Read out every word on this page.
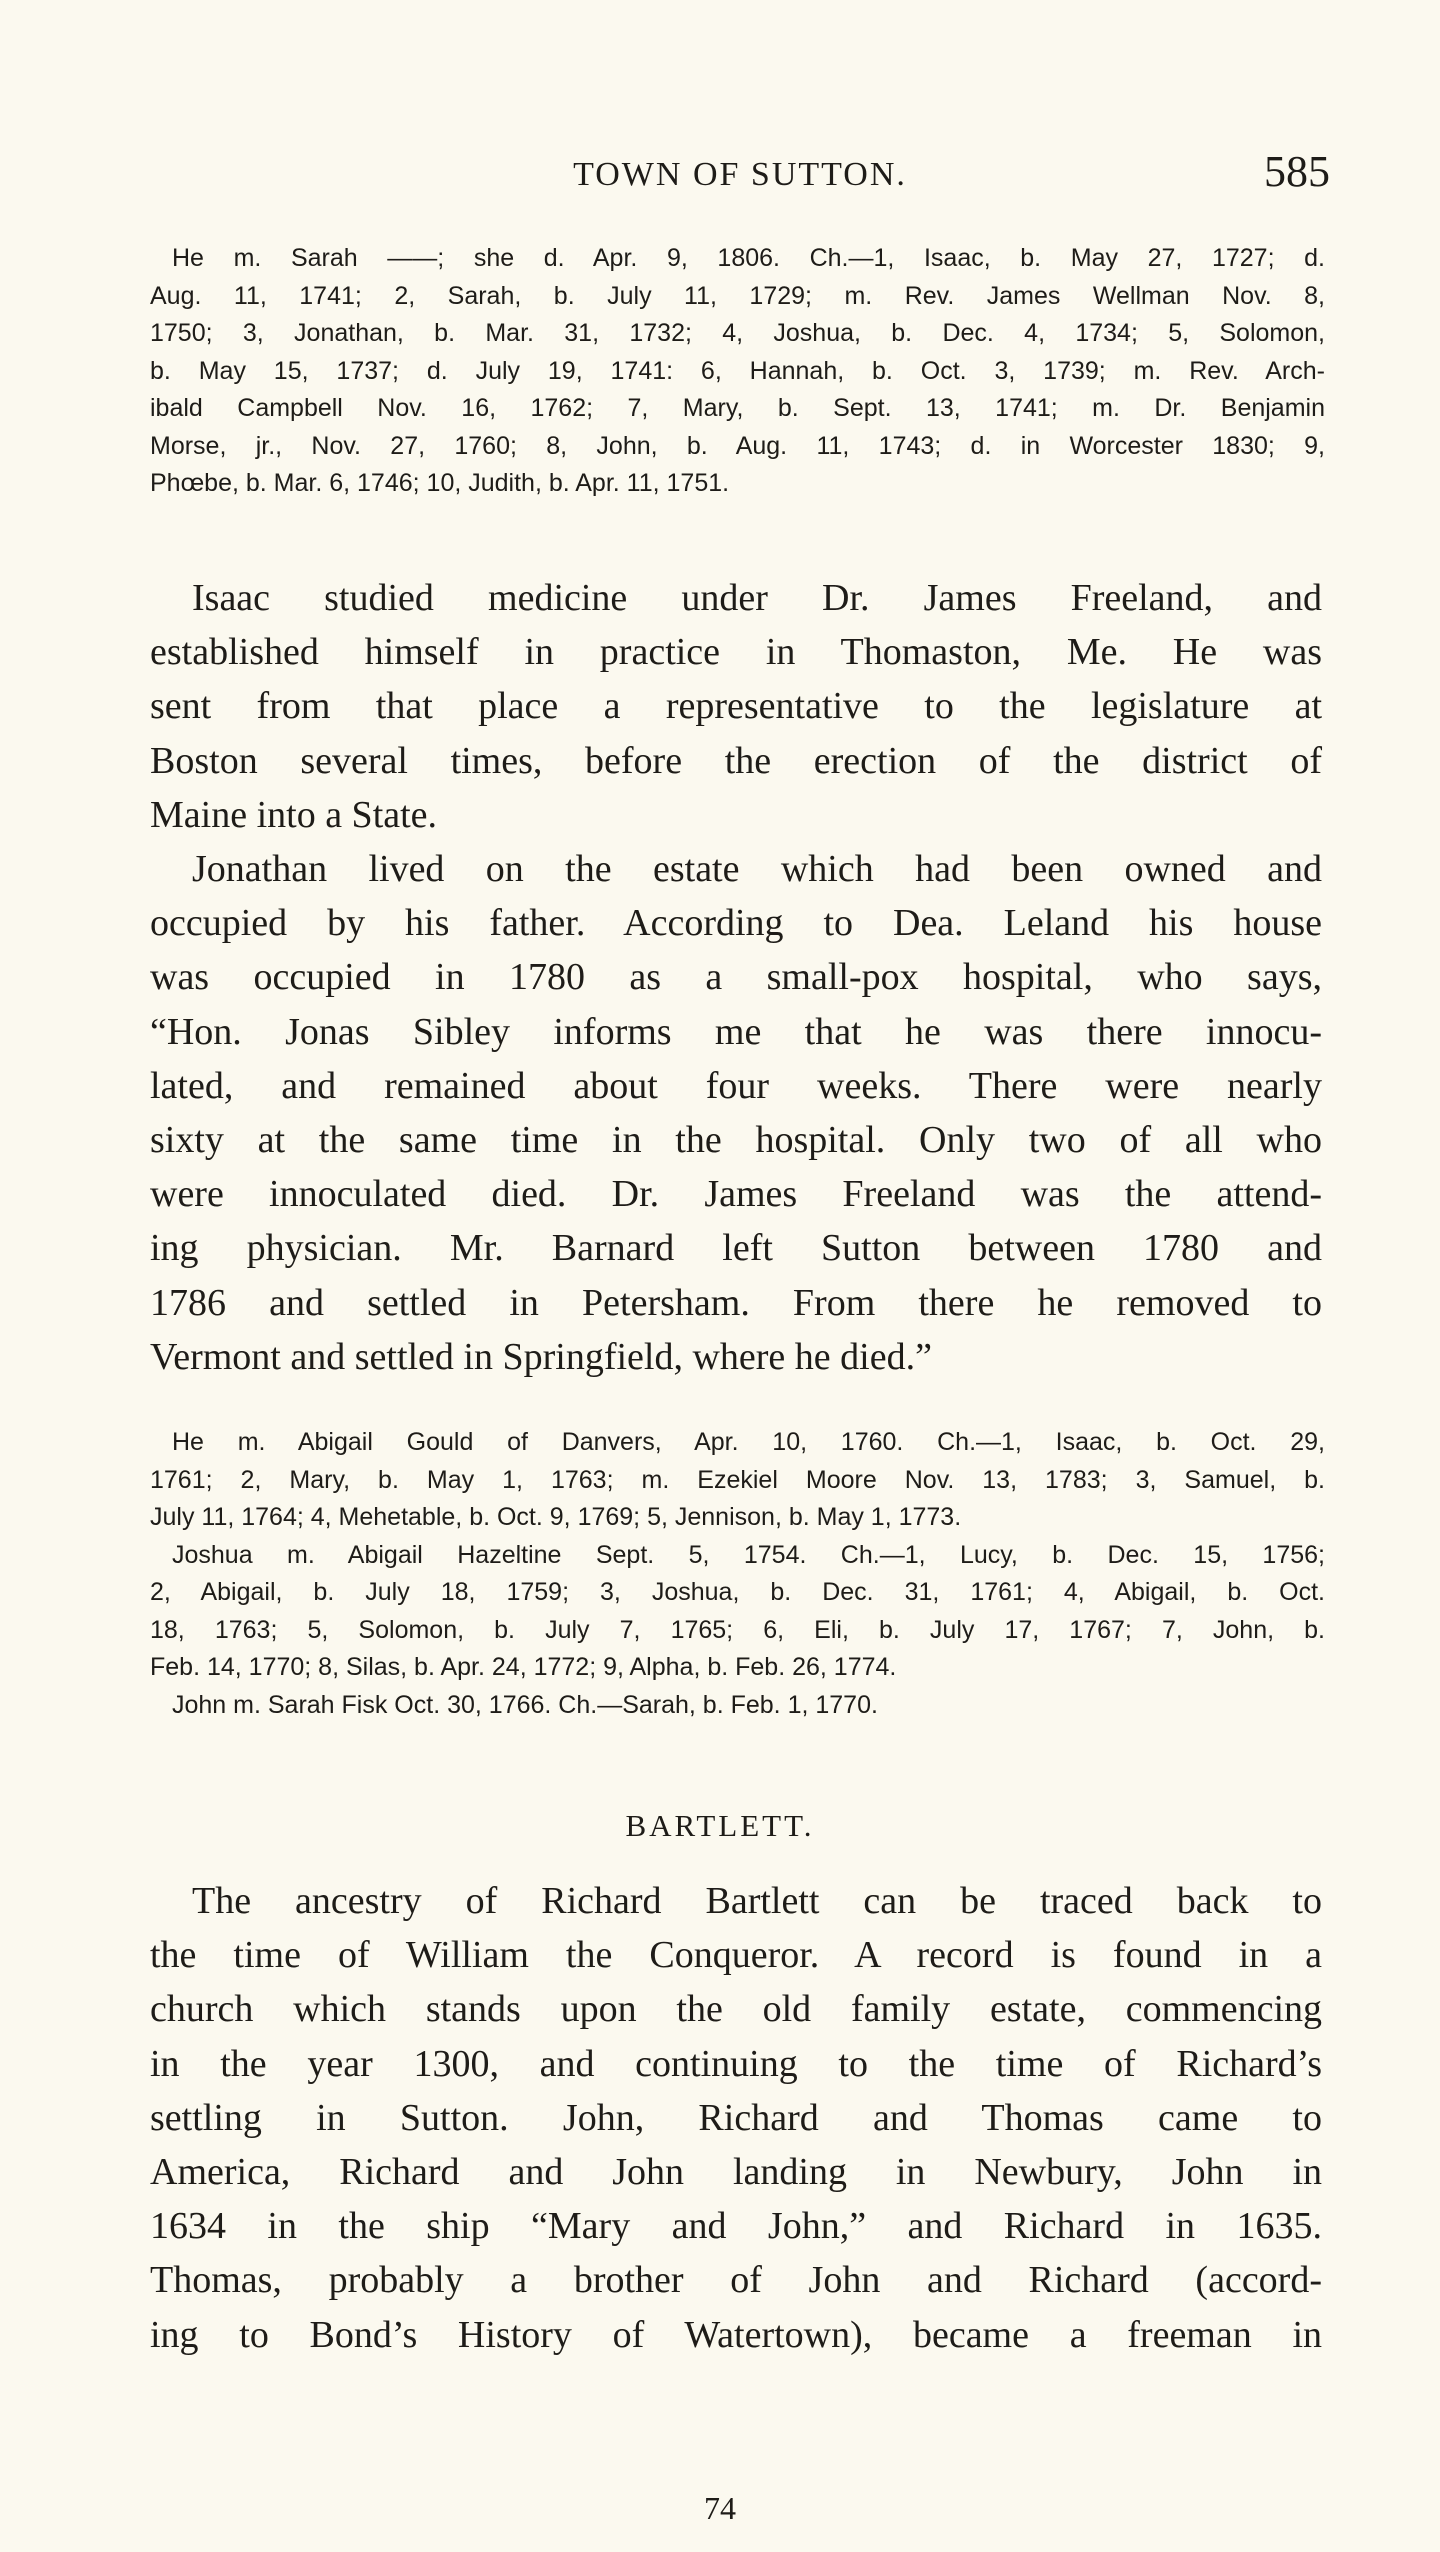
TOWN OF SUTTON.	585
He m. Sarah ——; she d. Apr. 9, 1806. Ch.—1, Isaac, b. May 27, 1727; d.
Aug. 11, 1741; 2, Sarah, b. July 11, 1729; m. Rev. James Wellman Nov. 8,
1750; 3, Jonathan, b. Mar. 31, 1732; 4, Joshua, b. Dec. 4, 1734; 5, Solomon,
b. May 15, 1737; d. July 19, 1741: 6, Hannah, b. Oct. 3, 1739; m. Rev. Arch-
ibald Campbell Nov. 16, 1762; 7, Mary, b. Sept. 13, 1741; m. Dr. Benjamin
Morse, jr., Nov. 27, 1760; 8, John, b. Aug. 11, 1743; d. in Worcester 1830; 9,
Phœbe, b. Mar. 6, 1746; 10, Judith, b. Apr. 11, 1751.
Isaac studied medicine under Dr. James Freeland, and
established himself in practice in Thomaston, Me. He was
sent from that place a representative to the legislature at
Boston several times, before the erection of the district of
Maine into a State.
Jonathan lived on the estate which had been owned and
occupied by his father. According to Dea. Leland his house
was occupied in 1780 as a small-pox hospital, who says,
“Hon. Jonas Sibley informs me that he was there innocu-
lated, and remained about four weeks. There were nearly
sixty at the same time in the hospital. Only two of all who
were innoculated died. Dr. James Freeland was the attend-
ing physician. Mr. Barnard left Sutton between 1780 and
1786 and settled in Petersham. From there he removed to
Vermont and settled in Springfield, where he died.”
He m. Abigail Gould of Danvers, Apr. 10, 1760. Ch.—1, Isaac, b. Oct. 29,
1761; 2, Mary, b. May 1, 1763; m. Ezekiel Moore Nov. 13, 1783; 3, Samuel, b.
July 11, 1764; 4, Mehetable, b. Oct. 9, 1769; 5, Jennison, b. May 1, 1773.
Joshua m. Abigail Hazeltine Sept. 5, 1754. Ch.—1, Lucy, b. Dec. 15, 1756;
2, Abigail, b. July 18, 1759; 3, Joshua, b. Dec. 31, 1761; 4, Abigail, b. Oct.
18, 1763; 5, Solomon, b. July 7, 1765; 6, Eli, b. July 17, 1767; 7, John, b.
Feb. 14, 1770; 8, Silas, b. Apr. 24, 1772; 9, Alpha, b. Feb. 26, 1774.
John m. Sarah Fisk Oct. 30, 1766. Ch.—Sarah, b. Feb. 1, 1770.
BARTLETT.
The ancestry of Richard Bartlett can be traced back to
the time of William the Conqueror. A record is found in a
church which stands upon the old family estate, commencing
in the year 1300, and continuing to the time of Richard’s
settling in Sutton. John, Richard and Thomas came to
America, Richard and John landing in Newbury, John in
1634 in the ship “Mary and John,” and Richard in 1635.
Thomas, probably a brother of John and Richard (accord-
ing to Bond’s History of Watertown), became a freeman in
74
